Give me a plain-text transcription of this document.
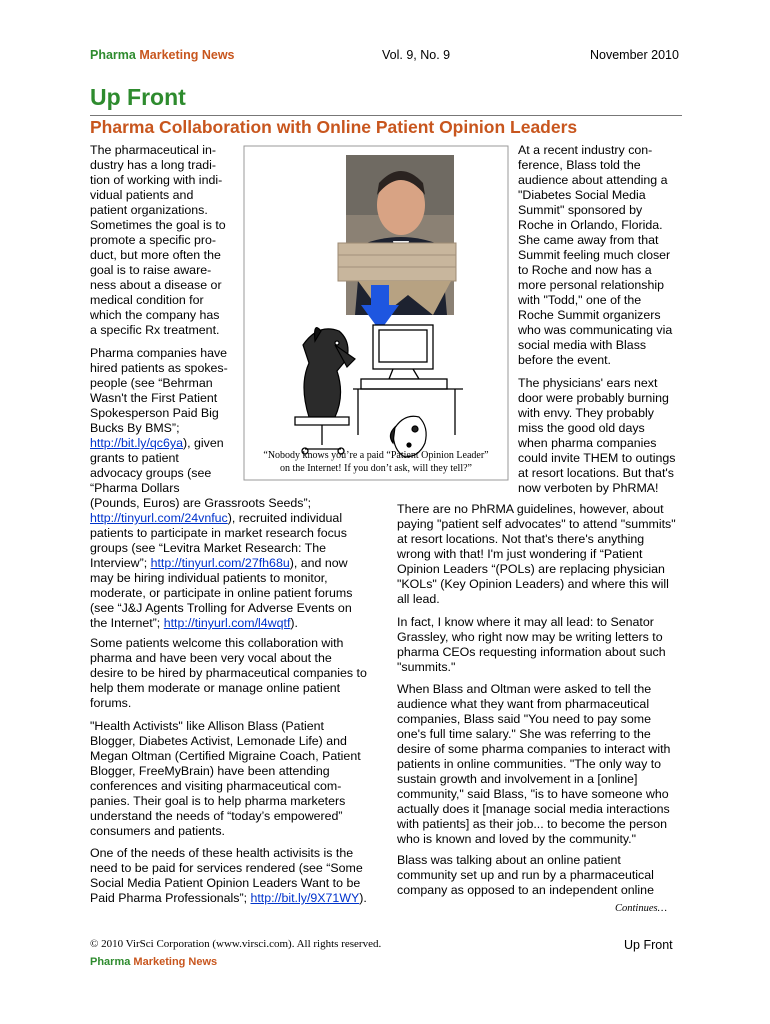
Pharma Marketing News	Vol. 9, No. 9	November 2010
Up Front
Pharma Collaboration with Online Patient Opinion Leaders
“Nobody knows you’re a paid “Patient Opinion Leader”
on the Internet! If you don’t ask, will they tell?”
The pharmaceutical in-
dustry has a long tradi-
tion of working with indi-
vidual patients and
patient organizations.
Sometimes the goal is to
promote a specific pro-
duct, but more often the
goal is to raise aware-
ness about a disease or
medical condition for
which the company has
a specific Rx treatment.
Pharma companies have
hired patients as spokes-
people (see “Behrman
Wasn't the First Patient
Spokesperson Paid Big
Bucks By BMS”;
http://bit.ly/qc6ya), given
grants to patient
advocacy groups (see
“Pharma Dollars
(Pounds, Euros) are Grassroots Seeds”;
http://tinyurl.com/24vnfuc), recruited individual
patients to participate in market research focus
groups (see “Levitra Market Research: The
Interview”; http://tinyurl.com/27fh68u), and now
may be hiring individual patients to monitor,
moderate, or participate in online patient forums
(see “J&J Agents Trolling for Adverse Events on
the Internet”; http://tinyurl.com/l4wqtf).
Some patients welcome this collaboration with
pharma and have been very vocal about the
desire to be hired by pharmaceutical companies to
help them moderate or manage online patient
forums.
"Health Activists" like Allison Blass (Patient
Blogger, Diabetes Activist, Lemonade Life) and
Megan Oltman (Certified Migraine Coach, Patient
Blogger, FreeMyBrain) have been attending
conferences and visiting pharmaceutical com-
panies. Their goal is to help pharma marketers
understand the needs of “today’s empowered”
consumers and patients.
One of the needs of these health activisits is the
need to be paid for services rendered (see “Some
Social Media Patient Opinion Leaders Want to be
Paid Pharma Professionals”; http://bit.ly/9X71WY).
At a recent industry con-
ference, Blass told the
audience about attending a
"Diabetes Social Media
Summit" sponsored by
Roche in Orlando, Florida.
She came away from that
Summit feeling much closer
to Roche and now has a
more personal relationship
with "Todd," one of the
Roche Summit organizers
who was communicating via
social media with Blass
before the event.
The physicians' ears next
door were probably burning
with envy. They probably
miss the good old days
when pharma companies
could invite THEM to outings
at resort locations. But that's
now verboten by PhRMA!
There are no PhRMA guidelines, however, about
paying "patient self advocates" to attend "summits"
at resort locations. Not that's there's anything
wrong with that! I'm just wondering if “Patient
Opinion Leaders “(POLs) are replacing physician
"KOLs" (Key Opinion Leaders) and where this will
all lead.
In fact, I know where it may all lead: to Senator
Grassley, who right now may be writing letters to
pharma CEOs requesting information about such
"summits."
When Blass and Oltman were asked to tell the
audience what they want from pharmaceutical
companies, Blass said "You need to pay some
one's full time salary." She was referring to the
desire of some pharma companies to interact with
patients in online communities. "The only way to
sustain growth and involvement in a [online]
community," said Blass, "is to have someone who
actually does it [manage social media interactions
with patients] as their job... to become the person
who is known and loved by the community."
Blass was talking about an online patient
community set up and run by a pharmaceutical
company as opposed to an independent online
Continues…
© 2010 VirSci Corporation (www.virsci.com). All rights reserved.
Pharma Marketing News
Up Front
